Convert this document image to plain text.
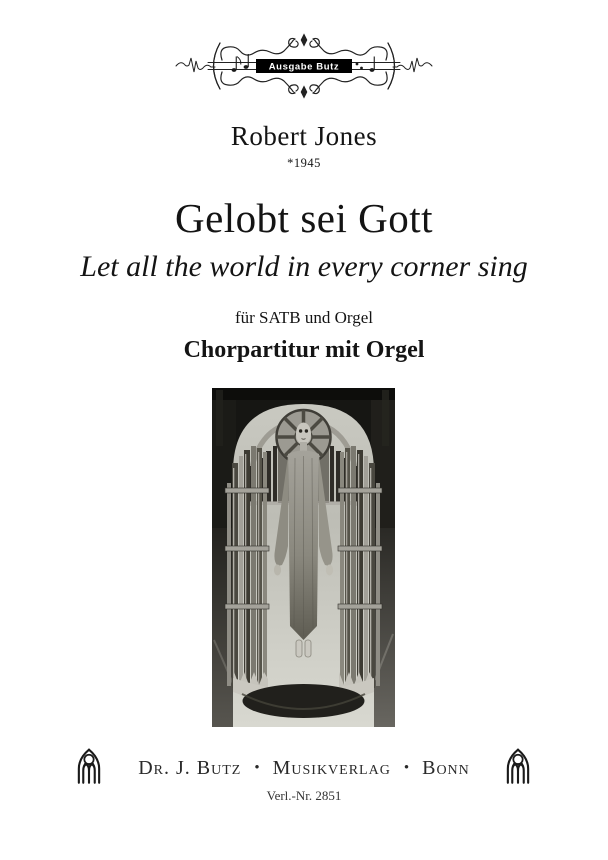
Ausgabe Butz
Robert Jones
*1945
Gelobt sei Gott
Let all the world in every corner sing
für SATB und Orgel
Chorpartitur mit Orgel
Dr. J. Butz • Musikverlag • Bonn
Verl.-Nr. 2851
